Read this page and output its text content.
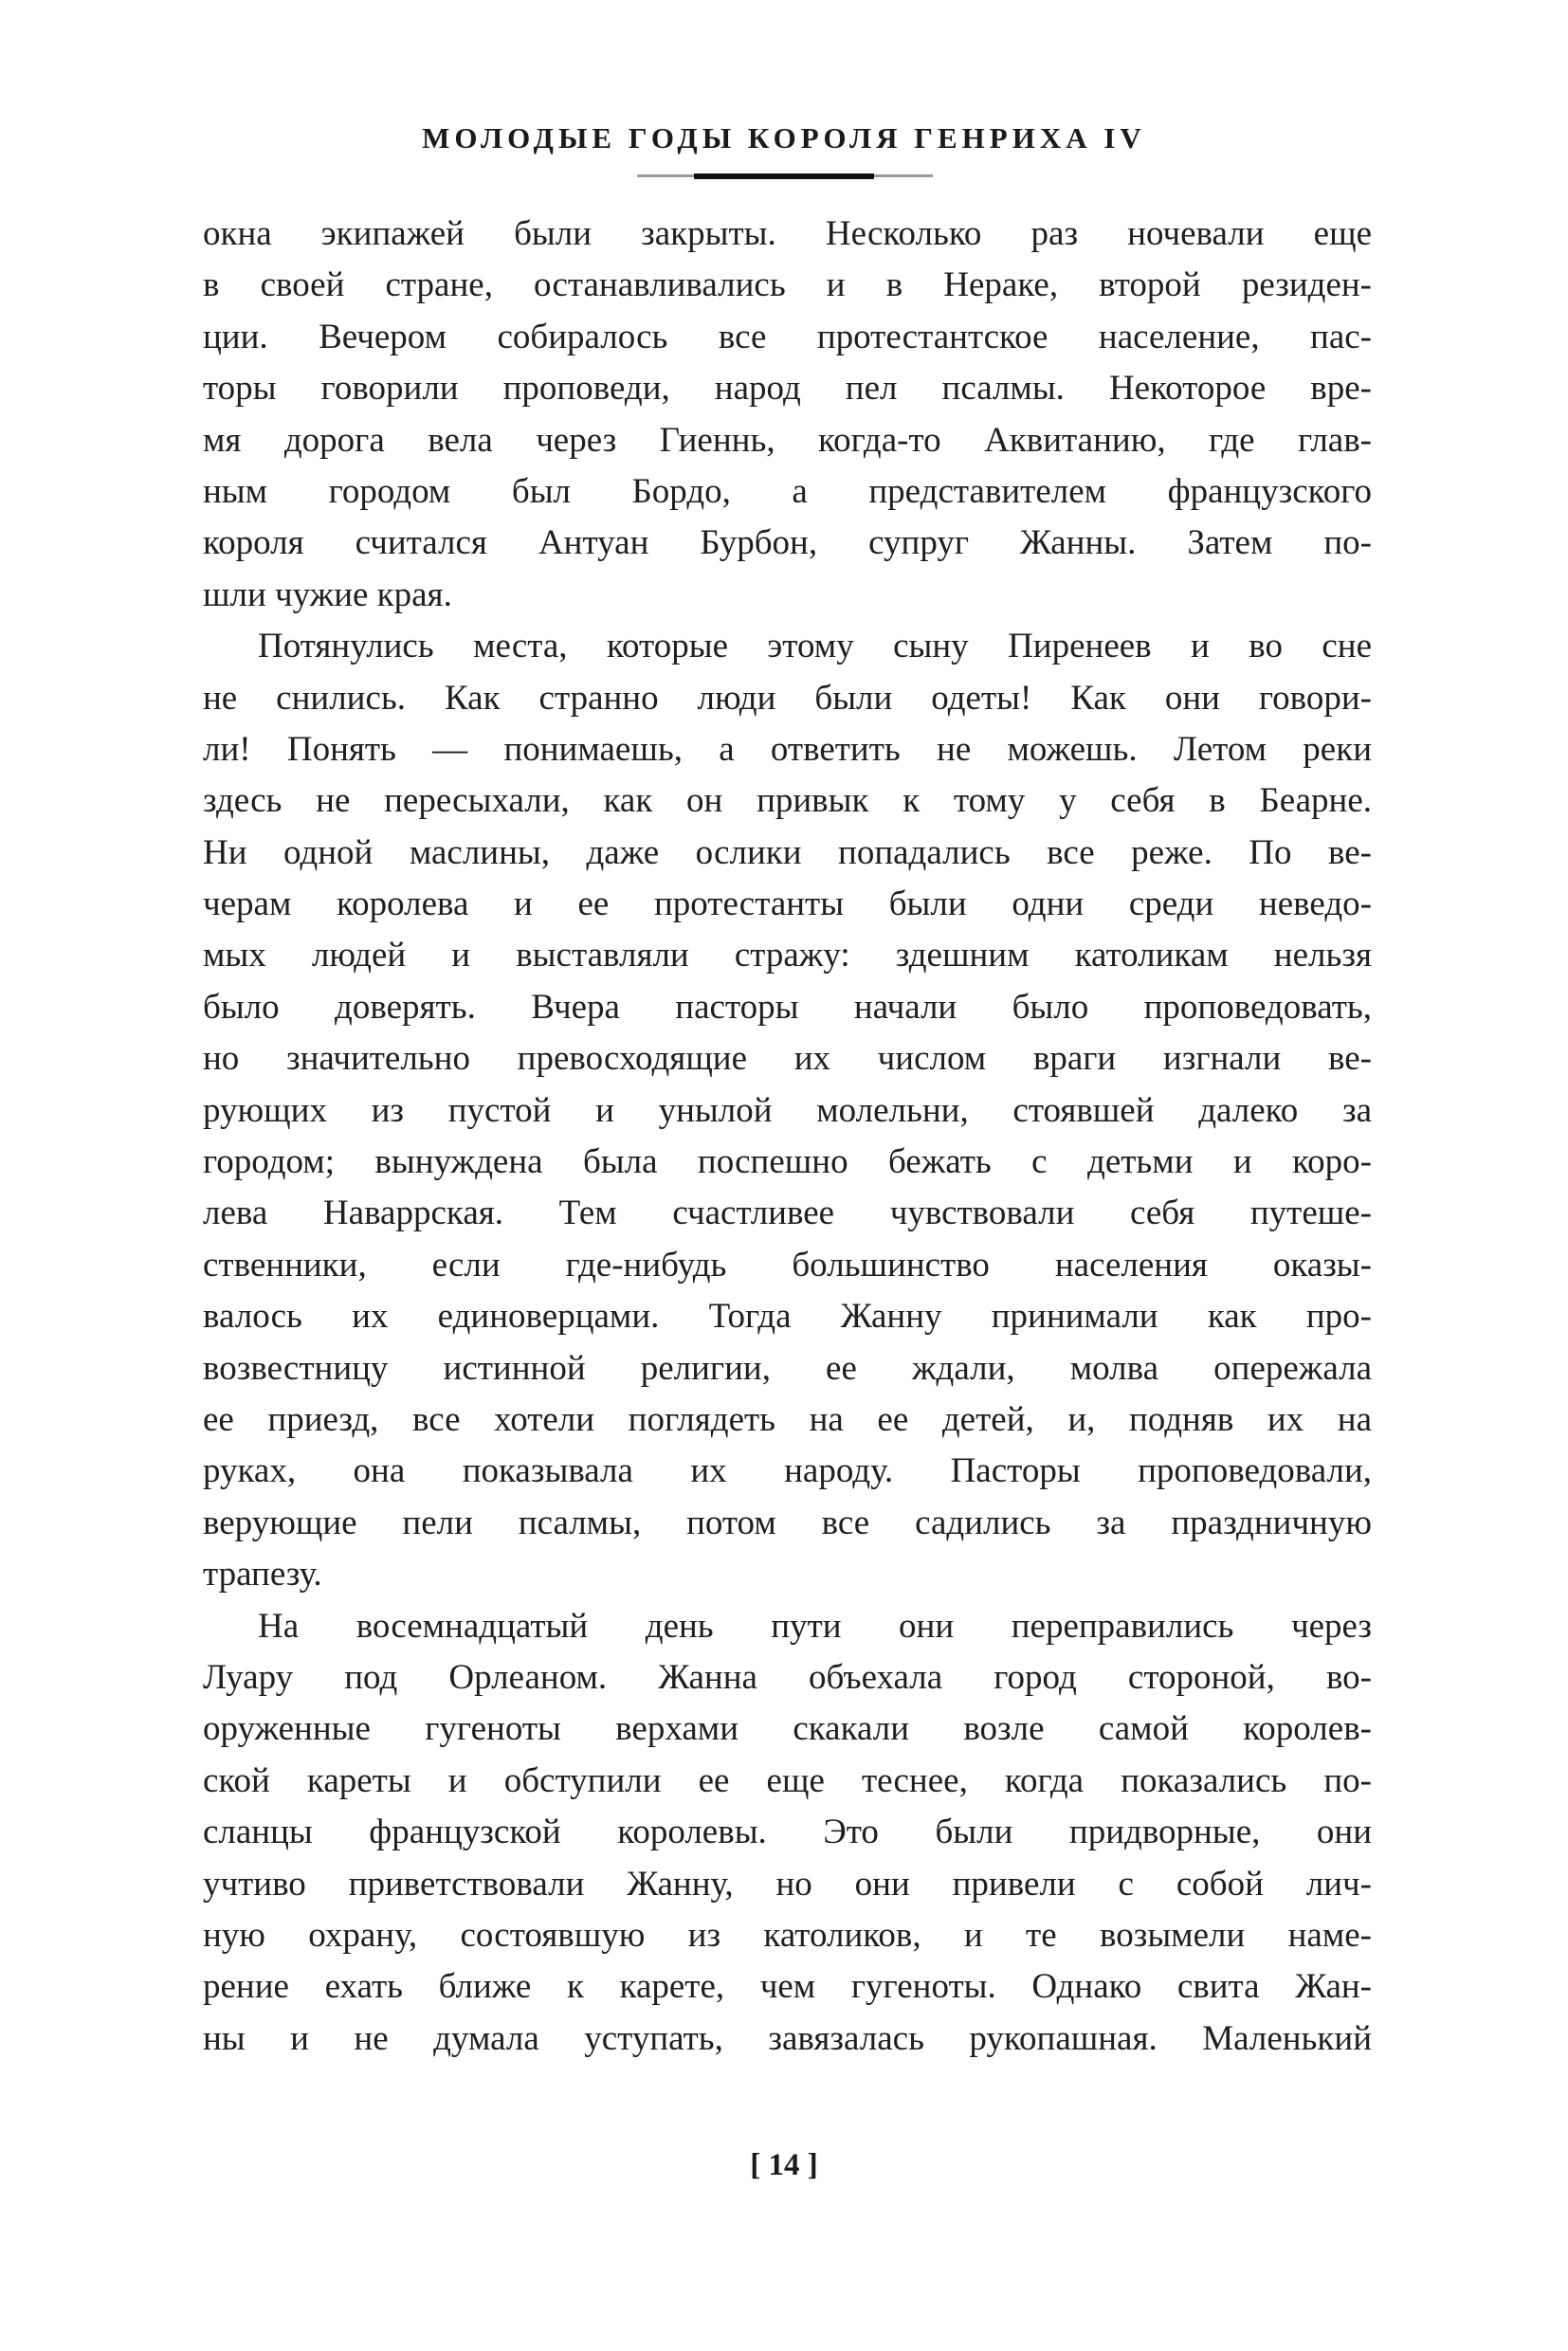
МОЛОДЫЕ ГОДЫ КОРОЛЯ ГЕНРИХА IV
окна экипажей были закрыты. Несколько раз ночевали еще
в своей стране, останавливались и в Нераке, второй резиден-
ции. Вечером собиралось все протестантское население, пас-
торы говорили проповеди, народ пел псалмы. Некоторое вре-
мя дорога вела через Гиеннь, когда-то Аквитанию, где глав-
ным городом был Бордо, а представителем французского
короля считался Антуан Бурбон, супруг Жанны. Затем по-
шли чужие края.
Потянулись места, которые этому сыну Пиренеев и во сне
не снились. Как странно люди были одеты! Как они говори-
ли! Понять — понимаешь, а ответить не можешь. Летом реки
здесь не пересыхали, как он привык к тому у себя в Беарне.
Ни одной маслины, даже ослики попадались все реже. По ве-
черам королева и ее протестанты были одни среди неведо-
мых людей и выставляли стражу: здешним католикам нельзя
было доверять. Вчера пасторы начали было проповедовать,
но значительно превосходящие их числом враги изгнали ве-
рующих из пустой и унылой молельни, стоявшей далеко за
городом; вынуждена была поспешно бежать с детьми и коро-
лева Наваррская. Тем счастливее чувствовали себя путеше-
ственники, если где-нибудь большинство населения оказы-
валось их единоверцами. Тогда Жанну принимали как про-
возвестницу истинной религии, ее ждали, молва опережала
ее приезд, все хотели поглядеть на ее детей, и, подняв их на
руках, она показывала их народу. Пасторы проповедовали,
верующие пели псалмы, потом все садились за праздничную
трапезу.
На восемнадцатый день пути они переправились через
Луару под Орлеаном. Жанна объехала город стороной, во-
оруженные гугеноты верхами скакали возле самой королев-
ской кареты и обступили ее еще теснее, когда показались по-
сланцы французской королевы. Это были придворные, они
учтиво приветствовали Жанну, но они привели с собой лич-
ную охрану, состоявшую из католиков, и те возымели наме-
рение ехать ближе к карете, чем гугеноты. Однако свита Жан-
ны и не думала уступать, завязалась рукопашная. Маленький
[ 14 ]
